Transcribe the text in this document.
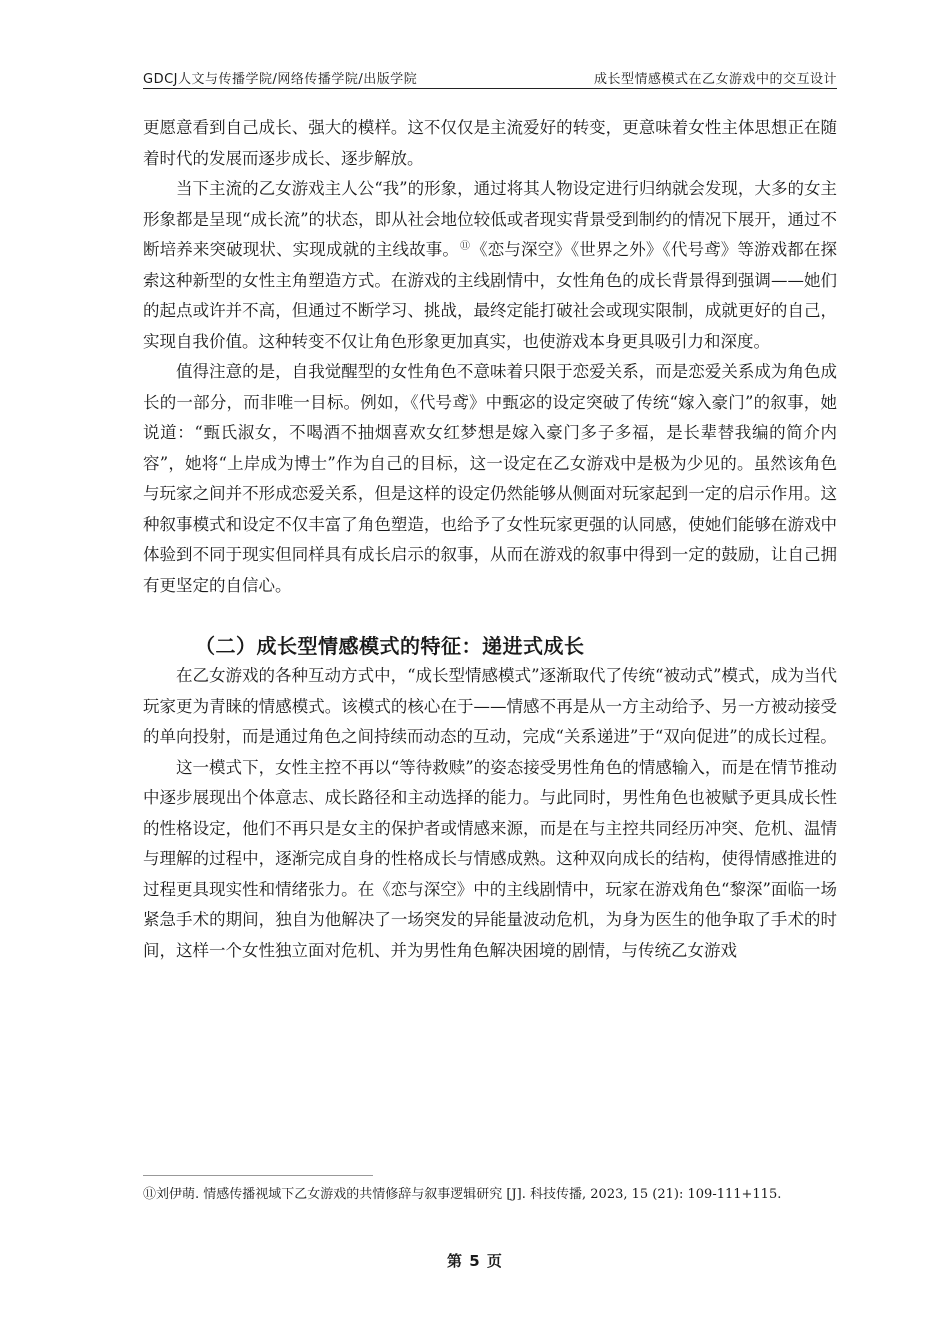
GDCJ人文与传播学院/网络传播学院/出版学院	成长型情感模式在乙女游戏中的交互设计

更愿意看到自己成长、强大的模样。这不仅仅是主流爱好的转变，更意味着女性主体思想正在随着时代的发展而逐步成长、逐步解放。

当下主流的乙女游戏主人公“我”的形象，通过将其人物设定进行归纳就会发现，大多的女主形象都是呈现“成长流”的状态，即从社会地位较低或者现实背景受到制约的情况下展开，通过不断培养来突破现状、实现成就的主线故事。⑪《恋与深空》《世界之外》《代号鸢》等游戏都在探索这种新型的女性主角塑造方式。在游戏的主线剧情中，女性角色的成长背景得到强调——她们的起点或许并不高，但通过不断学习、挑战，最终定能打破社会或现实限制，成就更好的自己，实现自我价值。这种转变不仅让角色形象更加真实，也使游戏本身更具吸引力和深度。

值得注意的是，自我觉醒型的女性角色不意味着只限于恋爱关系，而是恋爱关系成为角色成长的一部分，而非唯一目标。例如，《代号鸢》中甄宓的设定突破了传统“嫁入豪门”的叙事，她说道：“甄氏淑女，不喝酒不抽烟喜欢女红梦想是嫁入豪门多子多福，是长辈替我编的简介内容”，她将“上岸成为博士”作为自己的目标，这一设定在乙女游戏中是极为少见的。虽然该角色与玩家之间并不形成恋爱关系，但是这样的设定仍然能够从侧面对玩家起到一定的启示作用。这种叙事模式和设定不仅丰富了角色塑造，也给予了女性玩家更强的认同感，使她们能够在游戏中体验到不同于现实但同样具有成长启示的叙事，从而在游戏的叙事中得到一定的鼓励，让自己拥有更坚定的自信心。

（二）成长型情感模式的特征：递进式成长

在乙女游戏的各种互动方式中，“成长型情感模式”逐渐取代了传统“被动式”模式，成为当代玩家更为青睐的情感模式。该模式的核心在于——情感不再是从一方主动给予、另一方被动接受的单向投射，而是通过角色之间持续而动态的互动，完成“关系递进”于“双向促进”的成长过程。

这一模式下，女性主控不再以“等待救赎”的姿态接受男性角色的情感输入，而是在情节推动中逐步展现出个体意志、成长路径和主动选择的能力。与此同时，男性角色也被赋予更具成长性的性格设定，他们不再只是女主的保护者或情感来源，而是在与主控共同经历冲突、危机、温情与理解的过程中，逐渐完成自身的性格成长与情感成熟。这种双向成长的结构，使得情感推进的过程更具现实性和情绪张力。在《恋与深空》中的主线剧情中，玩家在游戏角色“黎深”面临一场紧急手术的期间，独自为他解决了一场突发的异能量波动危机，为身为医生的他争取了手术的时间，这样一个女性独立面对危机、并为男性角色解决困境的剧情，与传统乙女游戏

⑪刘伊萌. 情感传播视域下乙女游戏的共情修辞与叙事逻辑研究 [J]. 科技传播, 2023, 15 (21): 109-111+115.
第 5 页
